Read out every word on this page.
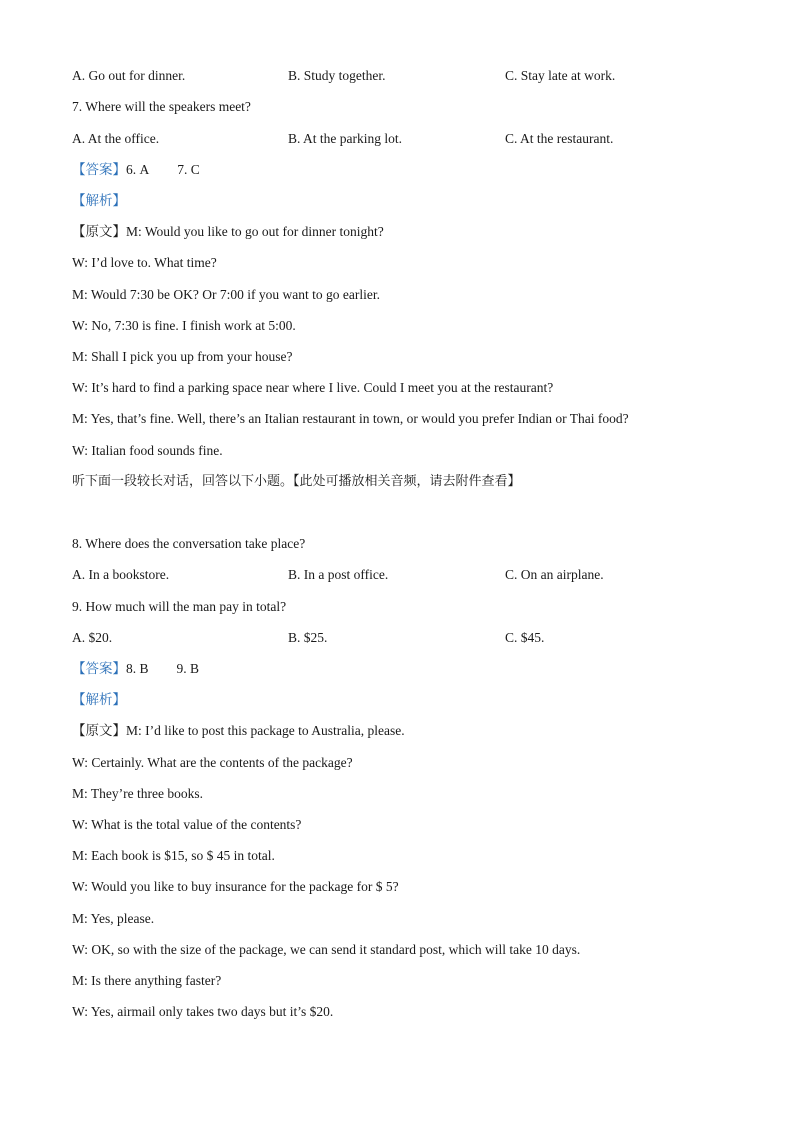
A. Go out for dinner.	B. Study together.	C. Stay late at work.
7. Where will the speakers meet?
A. At the office.	B. At the parking lot.	C. At the restaurant.
【答案】6. A 7. C
【解析】
【原文】M: Would you like to go out for dinner tonight?
W: I’d love to. What time?
M: Would 7:30 be OK? Or 7:00 if you want to go earlier.
W: No, 7:30 is fine. I finish work at 5:00.
M: Shall I pick you up from your house?
W: It’s hard to find a parking space near where I live. Could I meet you at the restaurant?
M: Yes, that’s fine. Well, there’s an Italian restaurant in town, or would you prefer Indian or Thai food?
W: Italian food sounds fine.
听下面一段较长对话，回答以下小题。【此处可播放相关音频，请去附件查看】
8. Where does the conversation take place?
A. In a bookstore.	B. In a post office.	C. On an airplane.
9. How much will the man pay in total?
A. $20.	B. $25.	C. $45.
【答案】8. B 9. B
【解析】
【原文】M: I’d like to post this package to Australia, please.
W: Certainly. What are the contents of the package?
M: They’re three books.
W: What is the total value of the contents?
M: Each book is $15, so $ 45 in total.
W: Would you like to buy insurance for the package for $ 5?
M: Yes, please.
W: OK, so with the size of the package, we can send it standard post, which will take 10 days.
M: Is there anything faster?
W: Yes, airmail only takes two days but it’s $20.
